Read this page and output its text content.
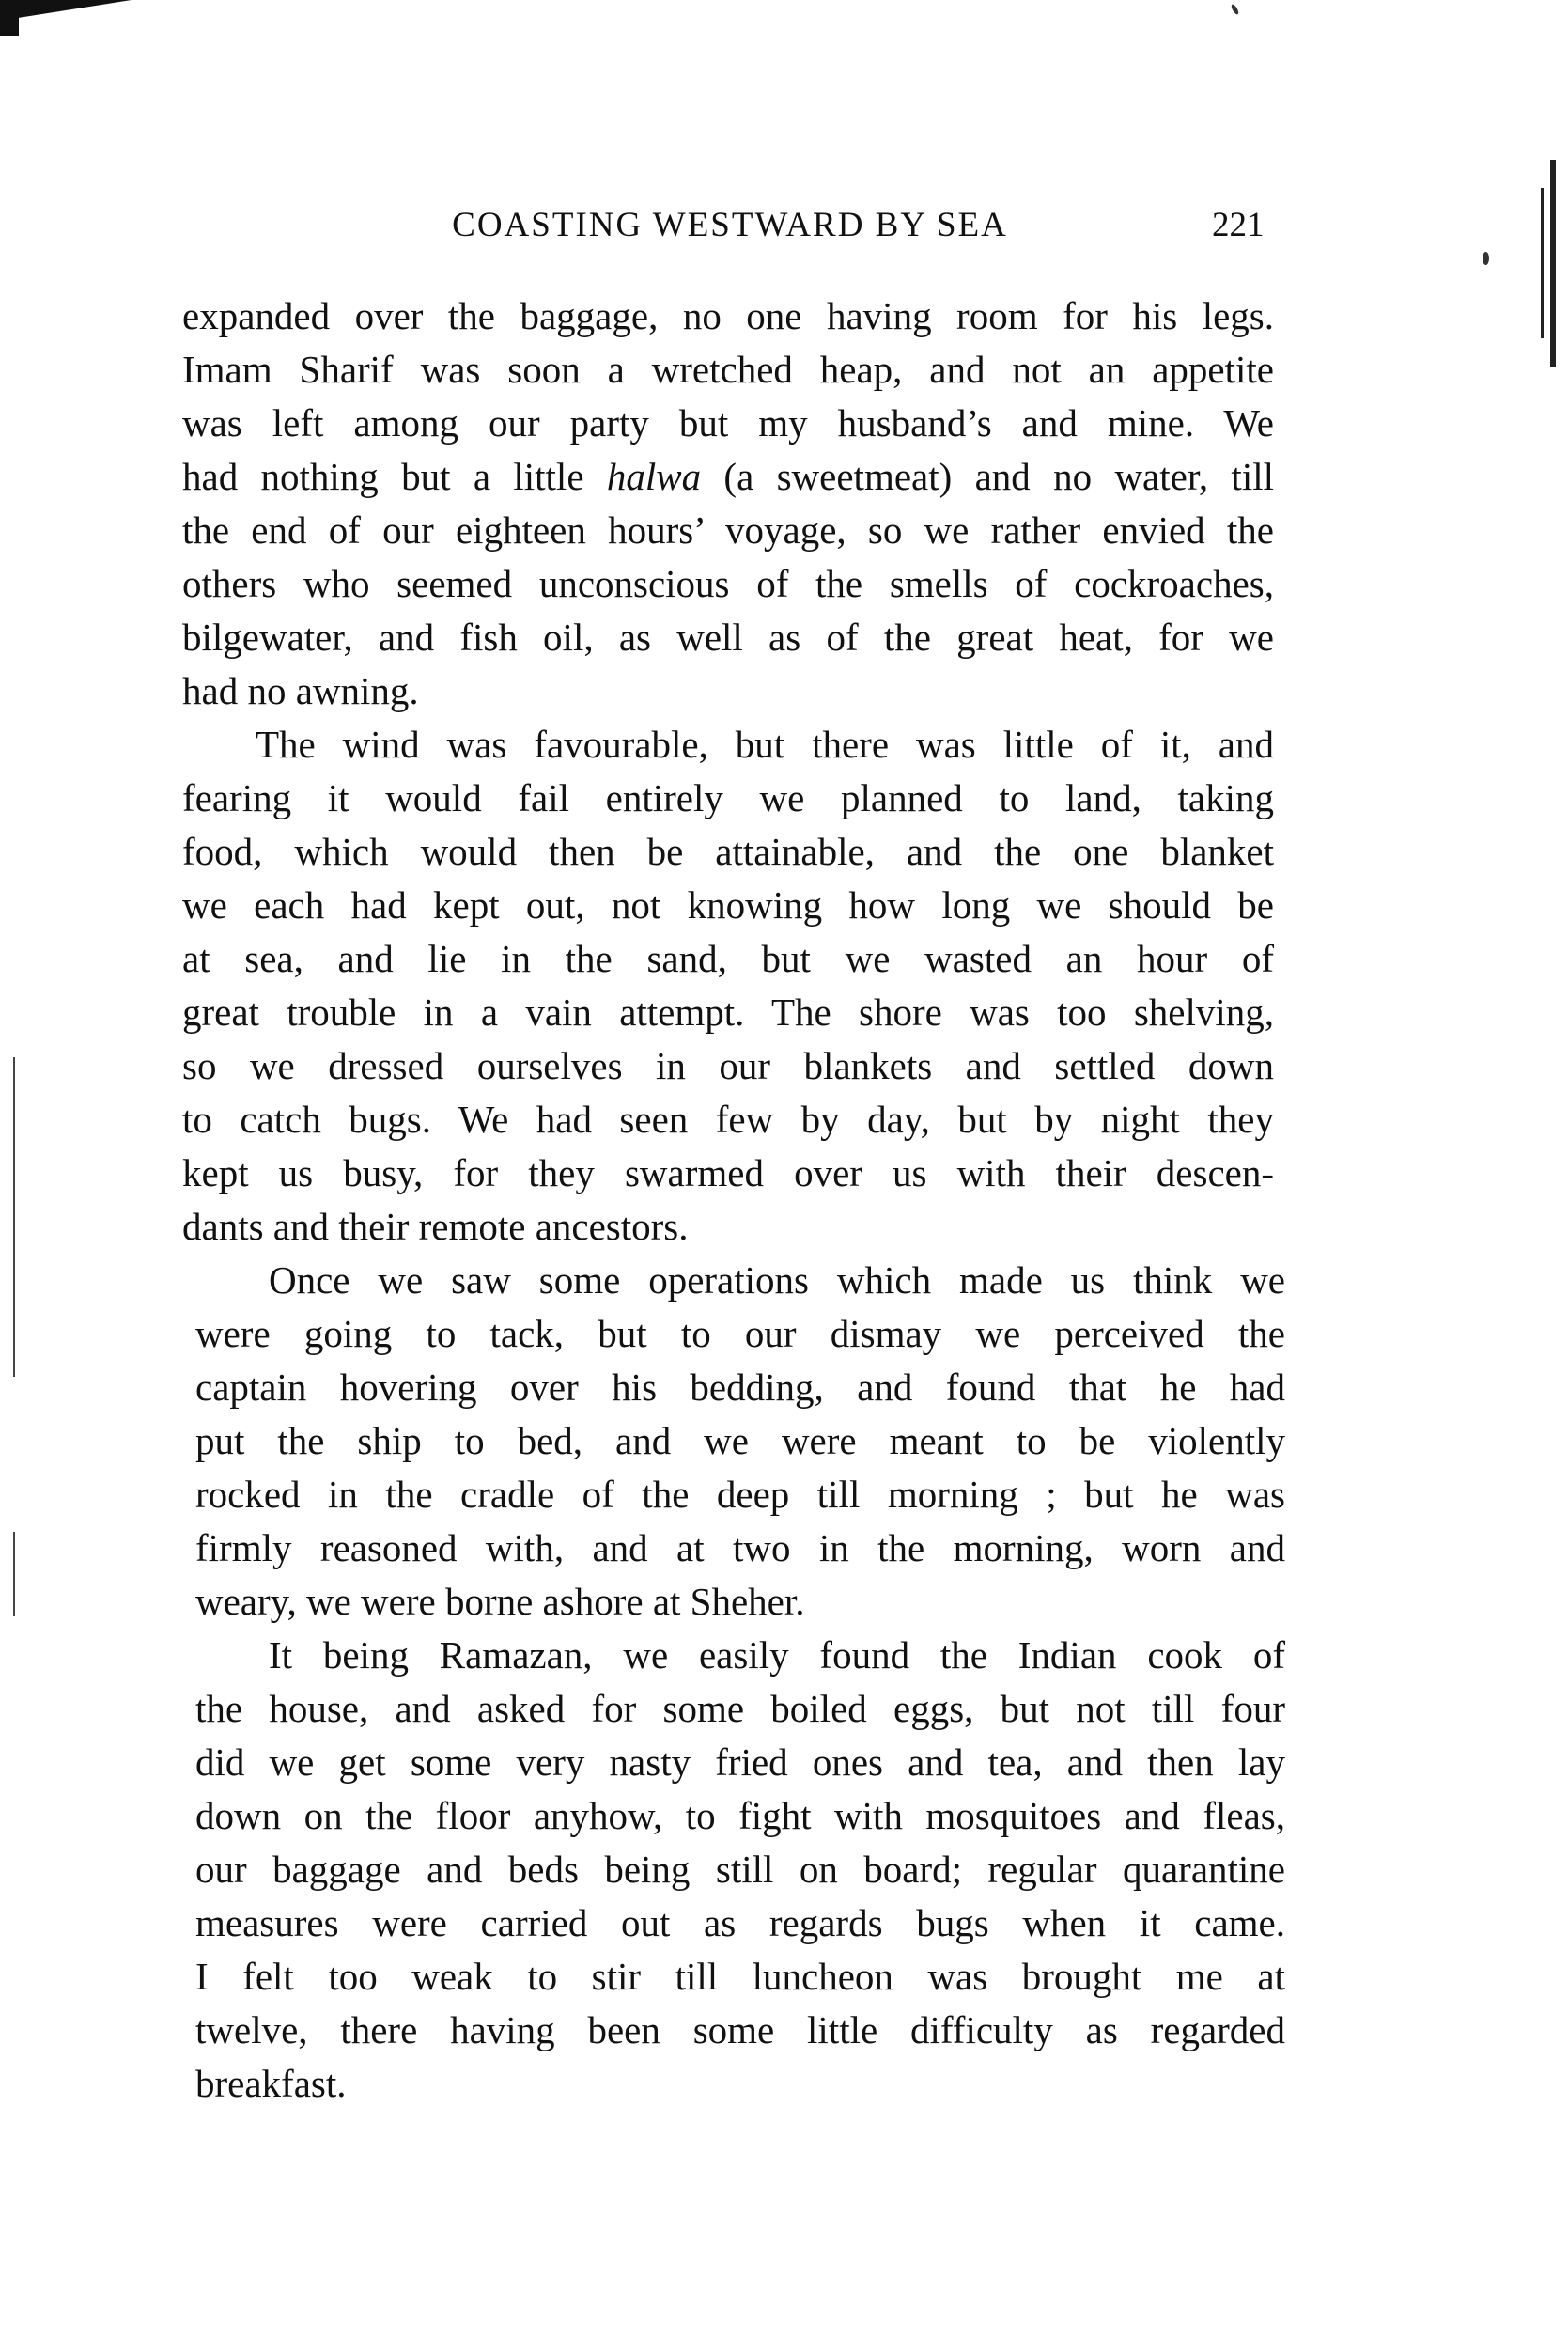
COASTING WESTWARD BY SEA	221
expanded over the baggage, no one having room for his legs.
Imam Sharif was soon a wretched heap, and not an appetite
was left among our party but my husband’s and mine. We
had nothing but a little halwa (a sweetmeat) and no water, till
the end of our eighteen hours’ voyage, so we rather envied the
others who seemed unconscious of the smells of cockroaches,
bilgewater, and fish oil, as well as of the great heat, for we
had no awning.
The wind was favourable, but there was little of it, and
fearing it would fail entirely we planned to land, taking
food, which would then be attainable, and the one blanket
we each had kept out, not knowing how long we should be
at sea, and lie in the sand, but we wasted an hour of
great trouble in a vain attempt. The shore was too shelving,
so we dressed ourselves in our blankets and settled down
to catch bugs. We had seen few by day, but by night they
kept us busy, for they swarmed over us with their descen-
dants and their remote ancestors.
Once we saw some operations which made us think we
were going to tack, but to our dismay we perceived the
captain hovering over his bedding, and found that he had
put the ship to bed, and we were meant to be violently
rocked in the cradle of the deep till morning ; but he was
firmly reasoned with, and at two in the morning, worn and
weary, we were borne ashore at Sheher.
It being Ramazan, we easily found the Indian cook of
the house, and asked for some boiled eggs, but not till four
did we get some very nasty fried ones and tea, and then lay
down on the floor anyhow, to fight with mosquitoes and fleas,
our baggage and beds being still on board; regular quarantine
measures were carried out as regards bugs when it came.
I felt too weak to stir till luncheon was brought me at
twelve, there having been some little difficulty as regarded
breakfast.
